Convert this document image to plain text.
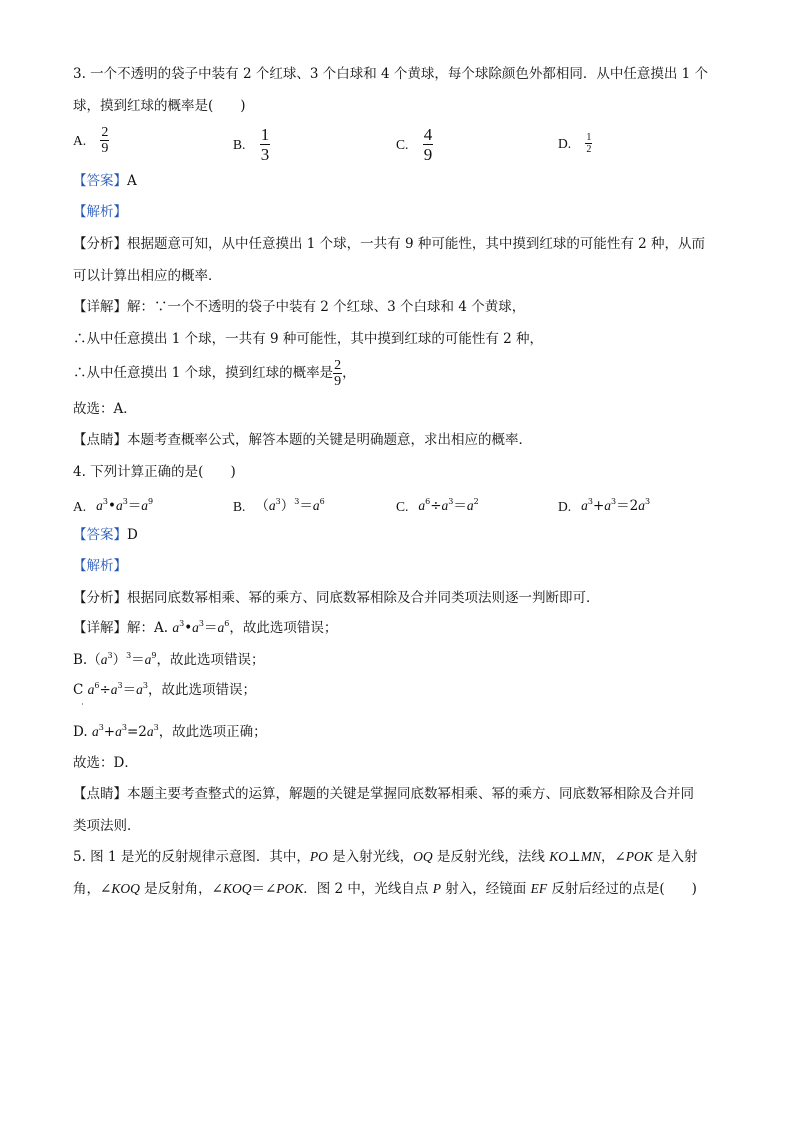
3. 一个不透明的袋子中装有 2 个红球、3 个白球和 4 个黄球，每个球除颜色外都相同．从中任意摸出 1 个
球，摸到红球的概率是(　　)
A. $\frac{2}{9}$	B. $\frac{1}{3}$	C. $\frac{4}{9}$	D. $\frac{1}{2}$
【答案】A
【解析】
【分析】根据题意可知，从中任意摸出 1 个球，一共有 9 种可能性，其中摸到红球的可能性有 2 种，从而
可以计算出相应的概率．
【详解】解：∵一个不透明的袋子中装有 2 个红球、3 个白球和 4 个黄球，
∴从中任意摸出 1 个球，一共有 9 种可能性，其中摸到红球的可能性有 2 种，
∴从中任意摸出 1 个球，摸到红球的概率是 $\frac{2}{9}$ ，
故选：A．
【点睛】本题考查概率公式，解答本题的关键是明确题意，求出相应的概率．
4. 下列计算正确的是(　　)
A. $a^3•a^3=a^9$	B. $(a^3)^3=a^6$	C. $a^6\div a^3=a^2$	D. $a^3+a^3=2a^3$
【答案】D
【解析】
【分析】根据同底数幂相乘、幂的乘方、同底数幂相除及合并同类项法则逐一判断即可．
【详解】解：A. $a^3•a^3=a^6$，故此选项错误；
$B.(a^3)^3=a^9$，故此选项错误；
C $a^6\div a^3=a^3$，故此选项错误；
D. $a^3+a^3=2a^3$，故此选项正确；
故选：D．
【点睛】本题主要考查整式的运算，解题的关键是掌握同底数幂相乘、幂的乘方、同底数幂相除及合并同
类项法则．
5. 图 1 是光的反射规律示意图．其中，PO 是入射光线，OQ 是反射光线，法线 KO⊥MN，∠POK 是入射
角，∠KOQ 是反射角，∠KOQ＝∠POK．图 2 中，光线自点 P 射入，经镜面 EF 反射后经过的点是(　　)
